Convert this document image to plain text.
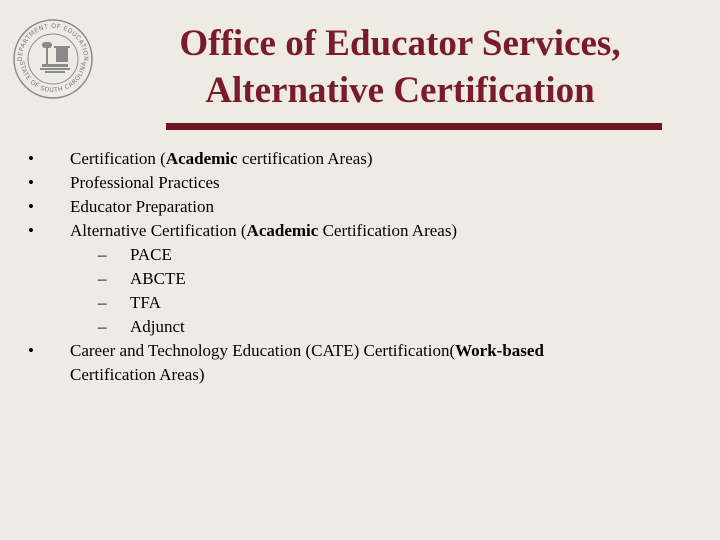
DEPARTMENT OF EDUCATION
STATE OF SOUTH CAROLINA	Office of Educator Services,
Alternative Certification
•	Certification (Academic certification Areas)
•	Professional Practices
•	Educator Preparation
•	Alternative Certification (Academic Certification Areas)
– PACE
– ABCTE
– TFA
– Adjunct
•	Career and Technology Education (CATE) Certification(Work-based
Certification Areas)
